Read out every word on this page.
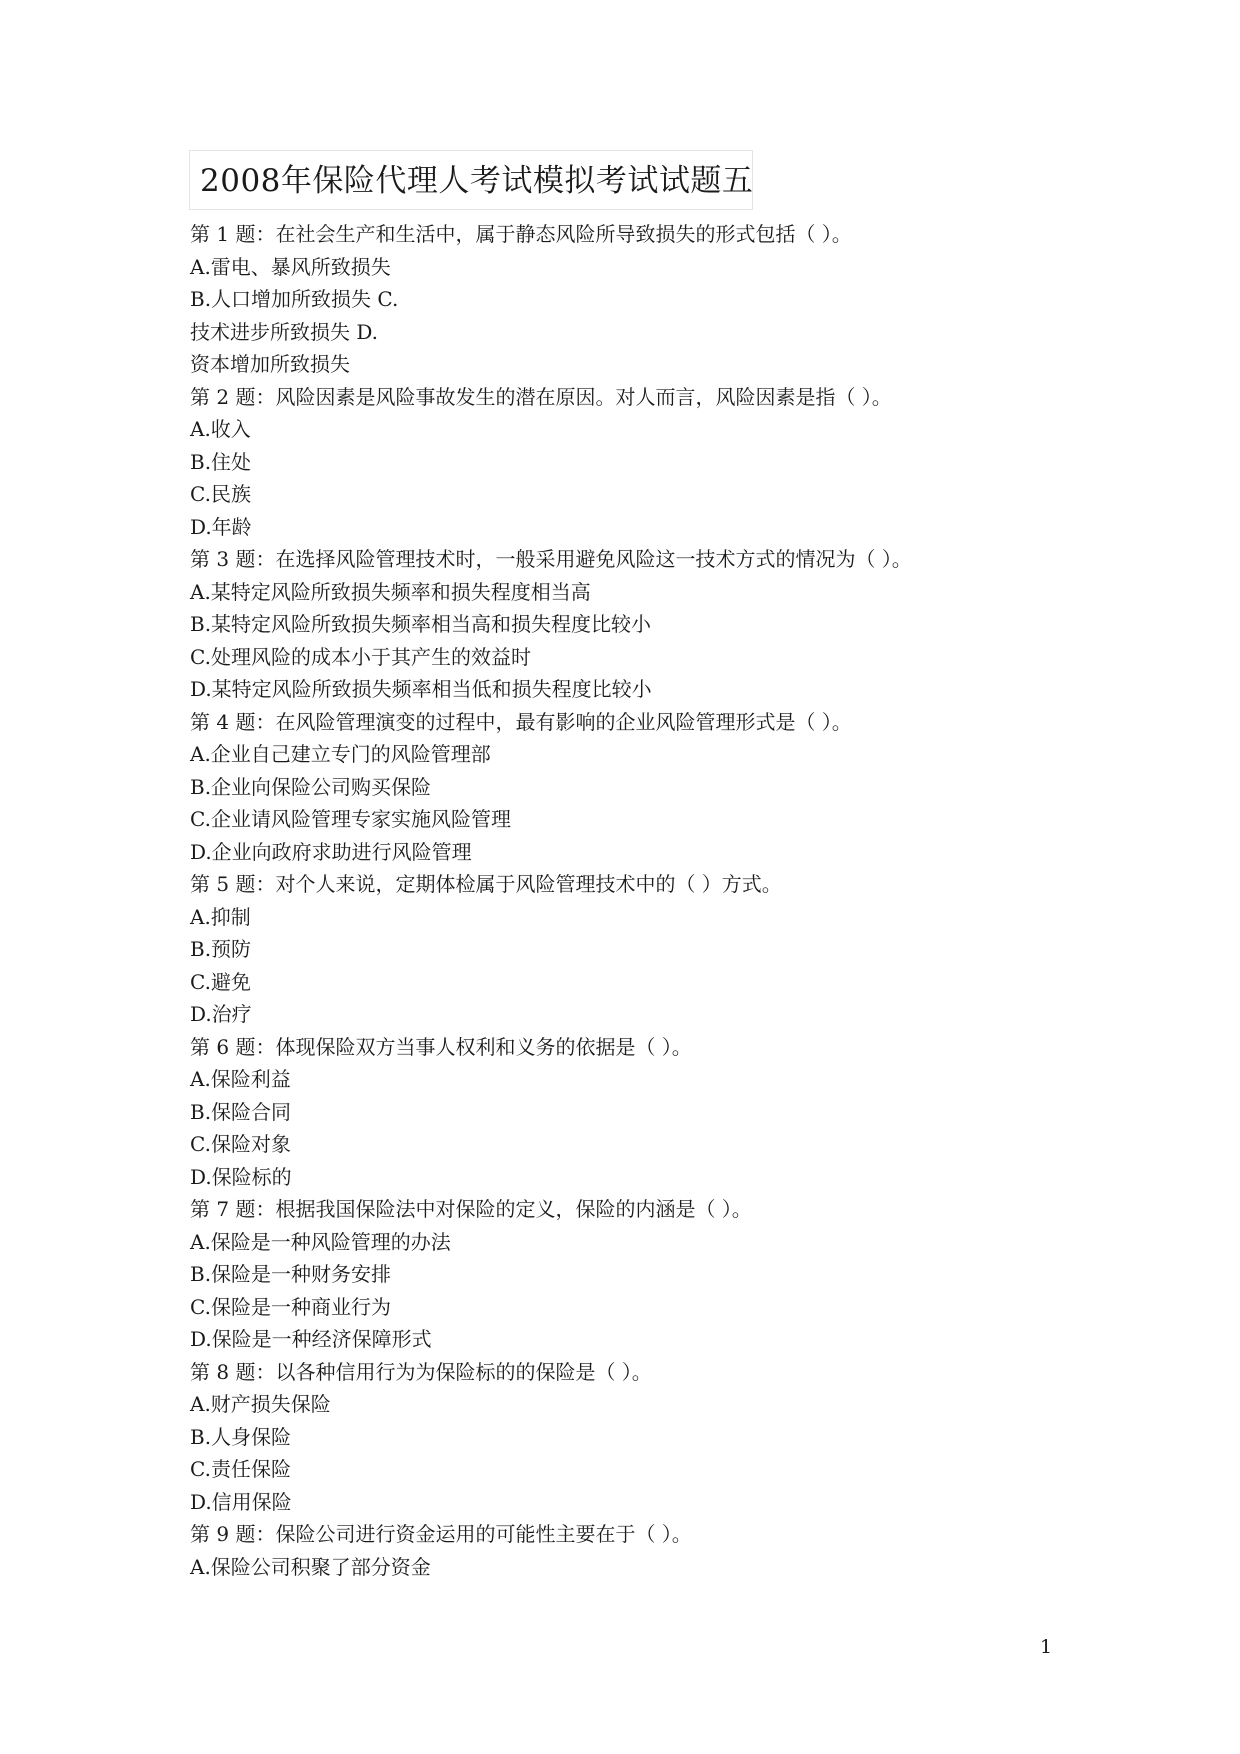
2008年保险代理人考试模拟考试试题五
第 1 题：在社会生产和生活中，属于静态风险所导致损失的形式包括（ ）。
A.雷电、暴风所致损失
B.人口增加所致损失 C.
技术进步所致损失 D.
资本增加所致损失
第 2 题：风险因素是风险事故发生的潜在原因。对人而言，风险因素是指（ ）。
A.收入
B.住处
C.民族
D.年龄
第 3 题：在选择风险管理技术时，一般采用避免风险这一技术方式的情况为（ ）。
A.某特定风险所致损失频率和损失程度相当高
B.某特定风险所致损失频率相当高和损失程度比较小
C.处理风险的成本小于其产生的效益时
D.某特定风险所致损失频率相当低和损失程度比较小
第 4 题：在风险管理演变的过程中，最有影响的企业风险管理形式是（ ）。
A.企业自己建立专门的风险管理部
B.企业向保险公司购买保险
C.企业请风险管理专家实施风险管理
D.企业向政府求助进行风险管理
第 5 题：对个人来说，定期体检属于风险管理技术中的（ ）方式。
A.抑制
B.预防
C.避免
D.治疗
第 6 题：体现保险双方当事人权利和义务的依据是（ ）。
A.保险利益
B.保险合同
C.保险对象
D.保险标的
第 7 题：根据我国保险法中对保险的定义，保险的内涵是（ ）。
A.保险是一种风险管理的办法
B.保险是一种财务安排
C.保险是一种商业行为
D.保险是一种经济保障形式
第 8 题：以各种信用行为为保险标的的保险是（ ）。
A.财产损失保险
B.人身保险
C.责任保险
D.信用保险
第 9 题：保险公司进行资金运用的可能性主要在于（ ）。
A.保险公司积聚了部分资金
1
